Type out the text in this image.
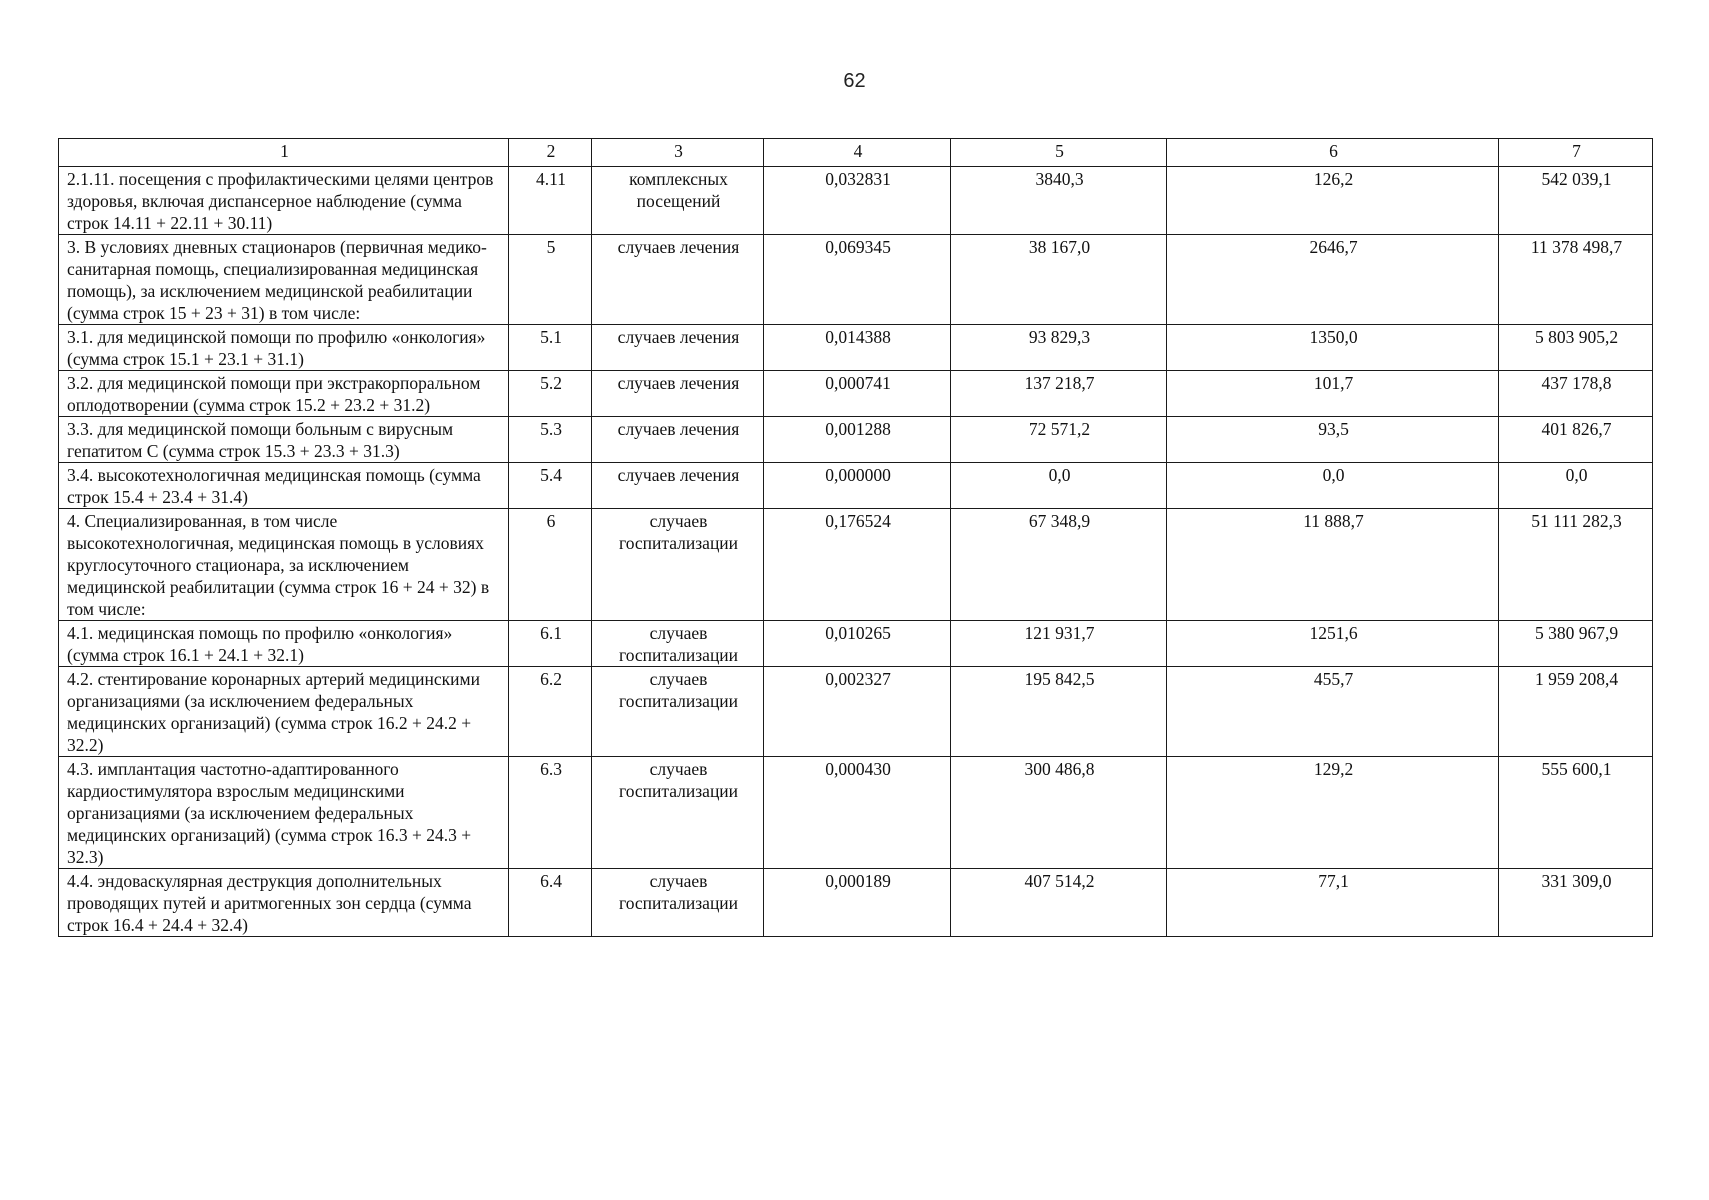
62
1	2	3	4	5	6	7
2.1.11. посещения с профилактическими целями центров здоровья, включая диспансерное наблюдение (сумма строк 14.11 + 22.11 + 30.11)	4.11	комплексных посещений	0,032831	3840,3	126,2	542 039,1
3. В условиях дневных стационаров (первичная медико-санитарная помощь, специализированная медицинская помощь), за исключением медицинской реабилитации (сумма строк 15 + 23 + 31) в том числе:	5	случаев лечения	0,069345	38 167,0	2646,7	11 378 498,7
3.1. для медицинской помощи по профилю «онкология» (сумма строк 15.1 + 23.1 + 31.1)	5.1	случаев лечения	0,014388	93 829,3	1350,0	5 803 905,2
3.2. для медицинской помощи при экстракорпоральном оплодотворении (сумма строк 15.2 + 23.2 + 31.2)	5.2	случаев лечения	0,000741	137 218,7	101,7	437 178,8
3.3. для медицинской помощи больным с вирусным гепатитом С (сумма строк 15.3 + 23.3 + 31.3)	5.3	случаев лечения	0,001288	72 571,2	93,5	401 826,7
3.4. высокотехнологичная медицинская помощь (сумма строк 15.4 + 23.4 + 31.4)	5.4	случаев лечения	0,000000	0,0	0,0	0,0
4. Специализированная, в том числе высокотехнологичная, медицинская помощь в условиях круглосуточного стационара, за исключением медицинской реабилитации (сумма строк 16 + 24 + 32) в том числе:	6	случаев госпитализации	0,176524	67 348,9	11 888,7	51 111 282,3
4.1. медицинская помощь по профилю «онкология» (сумма строк 16.1 + 24.1 + 32.1)	6.1	случаев госпитализации	0,010265	121 931,7	1251,6	5 380 967,9
4.2. стентирование коронарных артерий медицинскими организациями (за исключением федеральных медицинских организаций) (сумма строк 16.2 + 24.2 + 32.2)	6.2	случаев госпитализации	0,002327	195 842,5	455,7	1 959 208,4
4.3. имплантация частотно-адаптированного кардиостимулятора взрослым медицинскими организациями (за исключением федеральных медицинских организаций) (сумма строк 16.3 + 24.3 + 32.3)	6.3	случаев госпитализации	0,000430	300 486,8	129,2	555 600,1
4.4. эндоваскулярная деструкция дополнительных проводящих путей и аритмогенных зон сердца (сумма строк 16.4 + 24.4 + 32.4)	6.4	случаев госпитализации	0,000189	407 514,2	77,1	331 309,0
